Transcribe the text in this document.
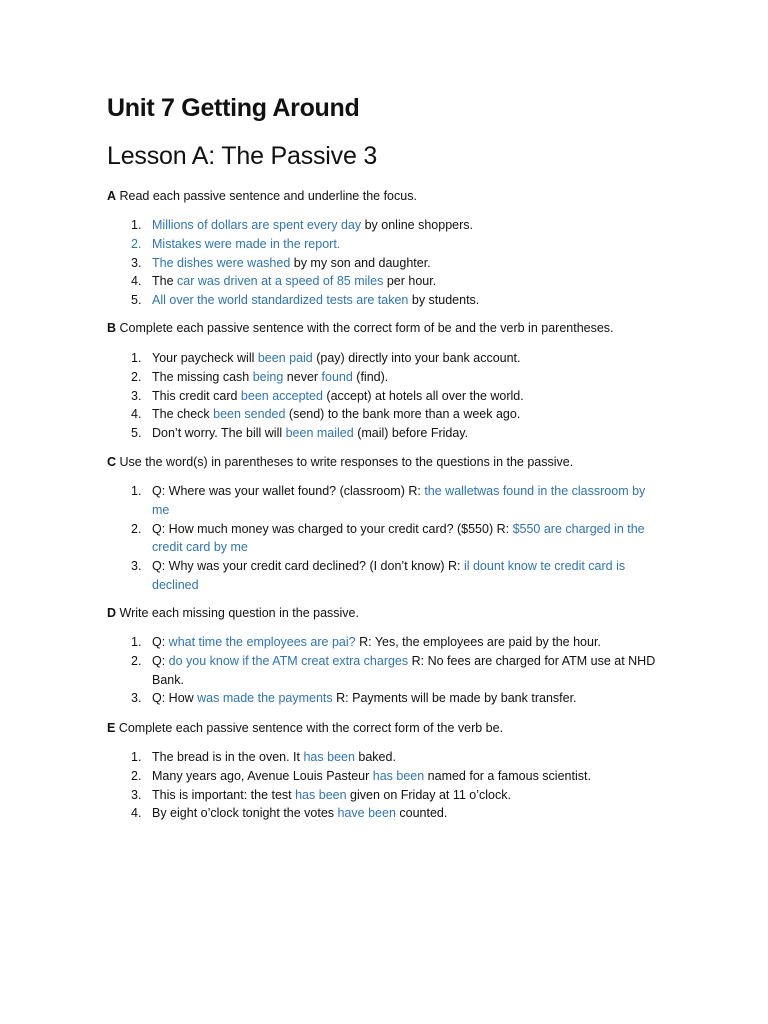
Unit 7 Getting Around
Lesson A: The Passive 3
A Read each passive sentence and underline the focus.
1. Millions of dollars are spent every day by online shoppers.
2. Mistakes were made in the report.
3. The dishes were washed by my son and daughter.
4. The car was driven at a speed of 85 miles per hour.
5. All over the world standardized tests are taken by students.
B Complete each passive sentence with the correct form of be and the verb in parentheses.
1. Your paycheck will been paid (pay) directly into your bank account.
2. The missing cash being never found (find).
3. This credit card been accepted (accept) at hotels all over the world.
4. The check been sended (send) to the bank more than a week ago.
5. Don’t worry. The bill will been mailed (mail) before Friday.
C Use the word(s) in parentheses to write responses to the questions in the passive.
1. Q: Where was your wallet found? (classroom) R: the walletwas found in the classroom by
me
2. Q: How much money was charged to your credit card? ($550) R: $550 are charged in the
credit card by me
3. Q: Why was your credit card declined? (I don’t know) R: il dount know te credit card is
declined
D Write each missing question in the passive.
1. Q: what time the employees are pai? R: Yes, the employees are paid by the hour.
2. Q: do you know if the ATM creat extra charges R: No fees are charged for ATM use at NHD
Bank.
3. Q: How was made the payments R: Payments will be made by bank transfer.
E Complete each passive sentence with the correct form of the verb be.
1. The bread is in the oven. It has been baked.
2. Many years ago, Avenue Louis Pasteur has been named for a famous scientist.
3. This is important: the test has been given on Friday at 11 o’clock.
4. By eight o’clock tonight the votes have been counted.
